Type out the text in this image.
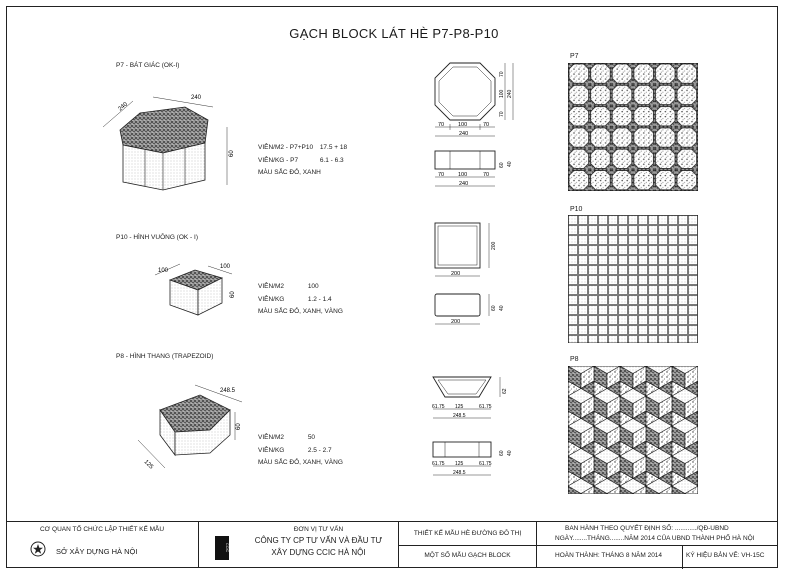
GẠCH BLOCK LÁT HÈ P7-P8-P10
P7 - BÁT GIÁC (OK-I)
P10 - HÌNH VUÔNG (OK - I)
P8 - HÌNH THANG (TRAPEZOID)
VIÊN/M2 - P7+P10 17.5 + 18
VIÊN/KG - P7	6.1 - 6.3
MÀU SẮC ĐỎ, XANH
VIÊN/M2	100
VIÊN/KG	1.2 - 1.4
MÀU SẮC ĐỎ, XANH, VÀNG
VIÊN/M2	50
VIÊN/KG	2.5 - 2.7
MÀU SẮC ĐỎ, XANH, VÀNG
240
240
60
100
100
60
248.5
125
60
70	100	70
240
70
100
70
240
70	100	70
240
60 40
200
200
200
60 40
61.75 125	61.75
248.5
62
61.75 125	61.75
248.5
60 40
P7
P10
P8
CƠ QUAN TỔ CHỨC LẬP THIẾT KẾ MẪU
SỞ XÂY DỰNG HÀ NỘI	CCIC
ĐƠN VỊ TƯ VẤN
CÔNG TY CP TƯ VẤN VÀ ĐẦU TƯ
XÂY DỰNG CCIC HÀ NỘI
THIẾT KẾ MẪU HÈ ĐƯỜNG ĐÔ THỊ
MỘT SỐ MẪU GẠCH BLOCK
BAN HÀNH THEO QUYẾT ĐỊNH SỐ: ............/QĐ-UBND
NGÀY........THÁNG........NĂM 2014 CỦA UBND THÀNH PHỐ HÀ NỘI
HOÀN THÀNH: THÁNG 8 NĂM 2014	KÝ HIỆU BẢN VẼ: VH-15C
